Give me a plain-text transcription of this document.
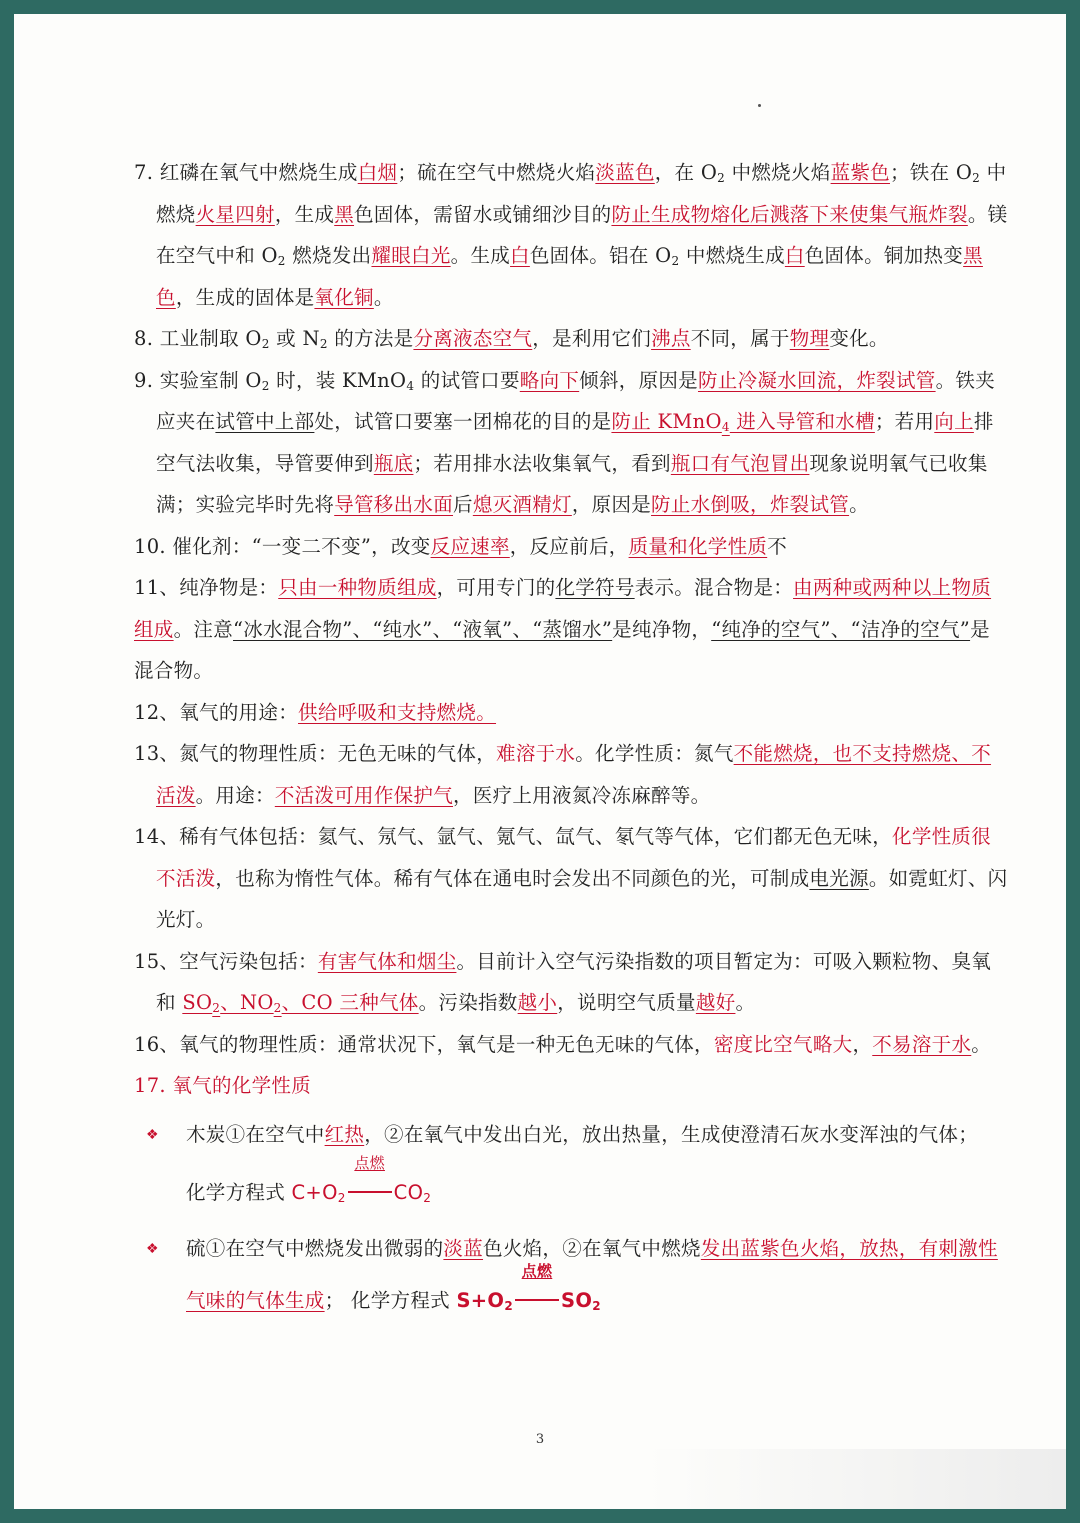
7. 红磷在氧气中燃烧生成白烟；硫在空气中燃烧火焰淡蓝色，在 $O_2$ 中燃烧火焰蓝紫色；铁在 $O_2$ 中燃烧火星四射，生成黑色固体，需留水或铺细沙目的防止生成物熔化后溅落下来使集气瓶炸裂。镁在空气中和 $O_2$ 燃烧发出耀眼白光。生成白色固体。铝在 $O_2$ 中燃烧生成白色固体。铜加热变黑色，生成的固体是氧化铜。

8. 工业制取 $O_2$ 或 $N_2$ 的方法是分离液态空气，是利用它们沸点不同，属于物理变化。

9. 实验室制 $O_2$ 时，装 KMnO$_4$ 的试管口要略向下倾斜，原因是防止冷凝水回流，炸裂试管。铁夹应夹在试管中上部处，试管口要塞一团棉花的目的是防止 KMnO$_4$ 进入导管和水槽；若用向上排空气法收集，导管要伸到瓶底；若用排水法收集氧气，看到瓶口有气泡冒出现象说明氧气已收集满；实验完毕时先将导管移出水面后熄灭酒精灯，原因是防止水倒吸，炸裂试管。

10. 催化剂：“一变二不变”，改变反应速率，反应前后，质量和化学性质不

11、纯净物是：只由一种物质组成，可用专门的化学符号表示。混合物是：由两种或两种以上物质组成。注意“冰水混合物”、“纯水”、“液氧”、“蒸馏水”是纯净物，“纯净的空气”、“洁净的空气”是混合物。

12、氧气的用途：供给呼吸和支持燃烧。

13、氮气的物理性质：无色无味的气体，难溶于水。化学性质：氮气不能燃烧，也不支持燃烧、不活泼。用途：不活泼可用作保护气，医疗上用液氮冷冻麻醉等。

14、稀有气体包括：氦气、氖气、氩气、氪气、氙气、氡气等气体，它们都无色无味，化学性质很不活泼，也称为惰性气体。稀有气体在通电时会发出不同颜色的光，可制成电光源。如霓虹灯、闪光灯。

15、空气污染包括：有害气体和烟尘。目前计入空气污染指数的项目暂定为：可吸入颗粒物、臭氧和 $SO_2$、$NO_2$、CO 三种气体。污染指数越小，说明空气质量越好。

16、氧气的物理性质：通常状况下，氧气是一种无色无味的气体，密度比空气略大，不易溶于水。

17. 氧气的化学性质
❖ 木炭①在空气中红热，②在氧气中发出白光，放出热量，生成使澄清石灰水变浑浊的气体；
化学方程式 $C+O_2$
点燃
$CO_2$
❖ 硫①在空气中燃烧发出微弱的淡蓝色火焰，②在氧气中燃烧发出蓝紫色火焰，放热，有刺激性气味的气体生成； 化学方程式 $S+O_2$
点燃
$SO_2$
3
